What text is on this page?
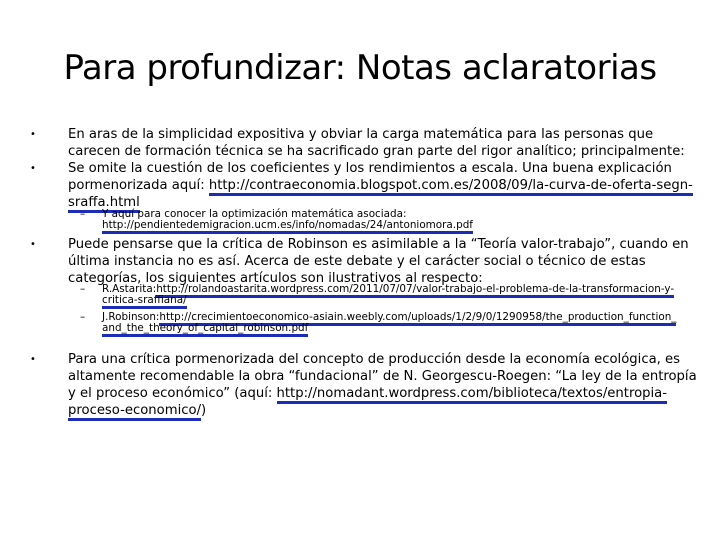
Para profundizar: Notas aclaratorias
• En aras de la simplicidad expositiva y obviar la carga matemática para las personas que carecen de formación técnica se ha sacrificado gran parte del rigor analítico; principalmente:
• Se omite la cuestión de los coeficientes y los rendimientos a escala. Una buena explicación pormenorizada aquí: http://contraeconomia.blogspot.com.es/2008/09/la-curva-de-oferta-segn-sraffa.html
– Y aquí para conocer la optimización matemática asociada: http://pendientedemigracion.ucm.es/info/nomadas/24/antoniomora.pdf
• Puede pensarse que la crítica de Robinson es asimilable a la “Teoría valor-trabajo”, cuando en última instancia no es así. Acerca de este debate y el carácter social o técnico de estas categorías, los siguientes artículos son ilustrativos al respecto:
– R.Astarita:http://rolandoastarita.wordpress.com/2011/07/07/valor-trabajo-el-problema-de-la-transformacion-y-critica-sraffiana/
– J.Robinson:http://crecimientoeconomico-asiain.weebly.com/uploads/1/2/9/0/1290958/the_production_function_and_the_theory_of_capital_robinson.pdf
• Para una crítica pormenorizada del concepto de producción desde la economía ecológica, es altamente recomendable la obra “fundacional” de N. Georgescu-Roegen: “La ley de la entropía y el proceso económico” (aquí: http://nomadant.wordpress.com/biblioteca/textos/entropia-proceso-economico/)
